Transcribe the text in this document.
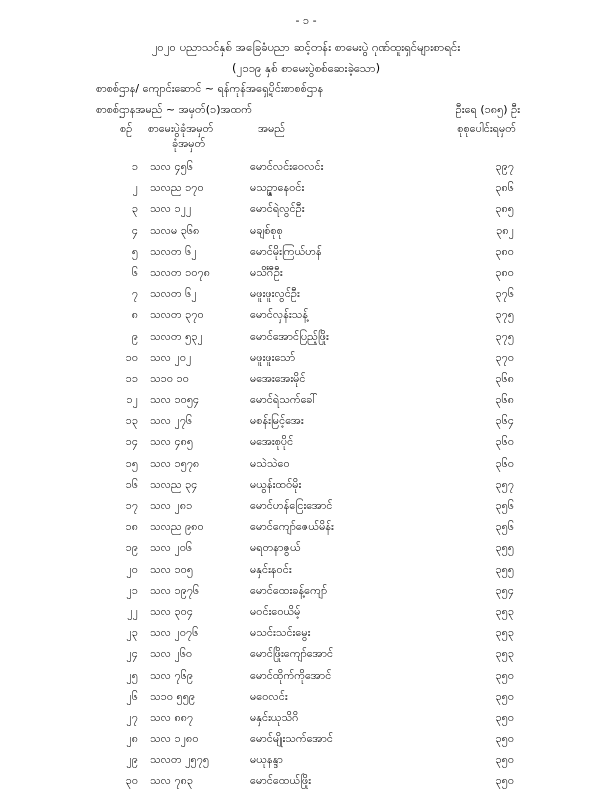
- ၁ -
၂၀၂၀ ပညာသင်နှစ် အခြေခံပညာ ဆင့်တန်း စာမေးပွဲ ဂုဏ်ထူးရှင်များစာရင်း
(၂၁၁၉ နှစ် စာမေးပွဲစစ်ဆေးခဲ့သော)
စာစစ်ဌာန/ ကျောင်းဆောင် ~ ရန်ကုန်အရှေ့ပိုင်းစာစစ်ဌာန
စာစစ်ဌာနအမည် ~ အမှတ်(၁)အထက်	ဦးရေ (၁၈၅) ဦး
စဉ် စာမေးပွဲခုံအမှတ်
ခုံအမှတ်
အမည်	စုစုပေါင်းရမှတ်
၁ သလ ၄၅၆	မောင်လင်းဝေလင်း	၃၉၇
၂ သလည ၁၇၀	မသဥ္ဇာနေဝင်း	၃၈၆
၃ သလ ၁၂၂	မောင်ရဲလွင်ဦး	၃၈၅
၄ သလမ ၃၆၈	မချစ်စုစု	၃၈၂
၅ သလတ ၆၂	မောင်မိုးကြယ်ဟန်	၃၈၀
၆ သလတ ၁၀၇၈	မသိင်္ဂီဦး	၃၈၀
၇ သလတ ၆၂	မဖူးဖူးလွင်ဦး	၃၇၆
၈ သလတ ၃၇၀	မောင်လှန်းသန့်	၃၇၅
၉ သလတ ၅၃၂	မောင်အောင်ပြည့်ဖြိုး	၃၇၅
၁၀ သလ ၂၀၂	မဖူးဖူးသော်	၃၇၀
၁၁ သ၁၀ ၁၀	မအေးအေးမိုင်	၃၆၈
၁၂ သလ ၁၀၅၄	မောင်ရဲသက်ခေါ်	၃၆၈
၁၃ သလ ၂၇၆	မစန်းမြင့်အေး	၃၆၄
၁၄ သလ ၄၈၅	မအေးစုပိုင်	၃၆၀
၁၅ သလ ၁၅၇၈	မသဲသဲဝေ	၃၆၀
၁၆ သလည ၃၄	မယွန်းထဝ်မိုး	၃၅၇
၁၇ သလ ၂၈၁	မောင်ဟန်ငြေးအောင်	၃၅၆
၁၈ သလည ၉၈၀	မောင်ကျော်ဇေယ်မိန်း	၃၅၆
၁၉ သလ ၂၀၆	မရတနာဇွယ်	၃၅၅
၂၀ သလ ၁၀၅	မနှင်းနဝင်း	၃၅၅
၂၁ သလ ၁၉၇၆	မောင်ထေးခန့်ကျော်	၃၅၄
၂၂ သလ ၃၀၄	မဝင်းဝေယိမ့်	၃၅၃
၂၃ သလ ၂၀၇၆	မသင်းသင်းမွေး	၃၅၃
၂၄ သလ ၂၆၀	မောင်ဖြိုးကျော်အောင်	၃၅၃
၂၅ သလ ၇၆၉	မောင်ထိုက်ကိုအောင်	၃၅၀
၂၆ သ၁၀ ၅၅၉	မဝေလင်း	၃၅၀
၂၇ သလ ၈၈၇	မနှင်းယုသိဂိ	၃၅၀
၂၈ သလ ၁၂၈၀	မောင်မျိုးသက်အောင်	၃၅၀
၂၉ သလတ ၂၅၇၅	မယုနန္ဒာ	၃၅၀
၃၀ သလ ၇၈၃	မောင်ထေယ်ဖြိုး	၃၅၀
